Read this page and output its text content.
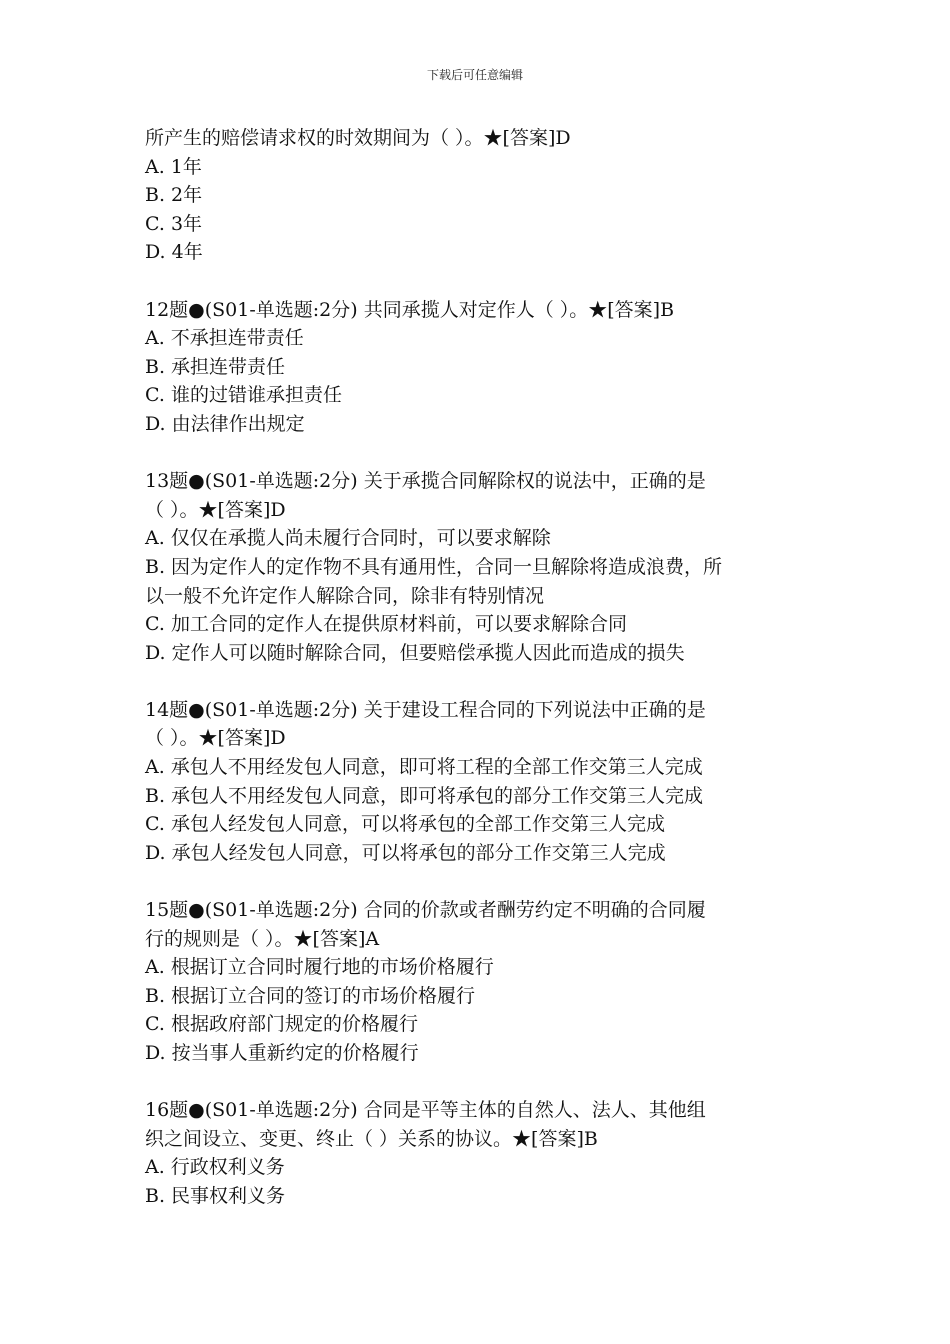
下载后可任意编辑

所产生的赔偿请求权的时效期间为（ ）。★[答案]D

A. 1年

B. 2年

C. 3年

D. 4年

12题●(S01-单选题:2分) 共同承揽人对定作人（ ）。★[答案]B

A. 不承担连带责任

B. 承担连带责任

C. 谁的过错谁承担责任

D. 由法律作出规定

13题●(S01-单选题:2分) 关于承揽合同解除权的说法中，正确的是

（ ）。★[答案]D

A. 仅仅在承揽人尚未履行合同时，可以要求解除

B. 因为定作人的定作物不具有通用性，合同一旦解除将造成浪费，所

以一般不允许定作人解除合同，除非有特别情况

C. 加工合同的定作人在提供原材料前，可以要求解除合同

D. 定作人可以随时解除合同，但要赔偿承揽人因此而造成的损失

14题●(S01-单选题:2分) 关于建设工程合同的下列说法中正确的是

（ ）。★[答案]D

A. 承包人不用经发包人同意，即可将工程的全部工作交第三人完成

B. 承包人不用经发包人同意，即可将承包的部分工作交第三人完成

C. 承包人经发包人同意，可以将承包的全部工作交第三人完成

D. 承包人经发包人同意，可以将承包的部分工作交第三人完成

15题●(S01-单选题:2分) 合同的价款或者酬劳约定不明确的合同履

行的规则是（ ）。★[答案]A

A. 根据订立合同时履行地的市场价格履行

B. 根据订立合同的签订的市场价格履行

C. 根据政府部门规定的价格履行

D. 按当事人重新约定的价格履行

16题●(S01-单选题:2分) 合同是平等主体的自然人、法人、其他组

织之间设立、变更、终止（ ）关系的协议。★[答案]B

A. 行政权利义务

B. 民事权利义务
